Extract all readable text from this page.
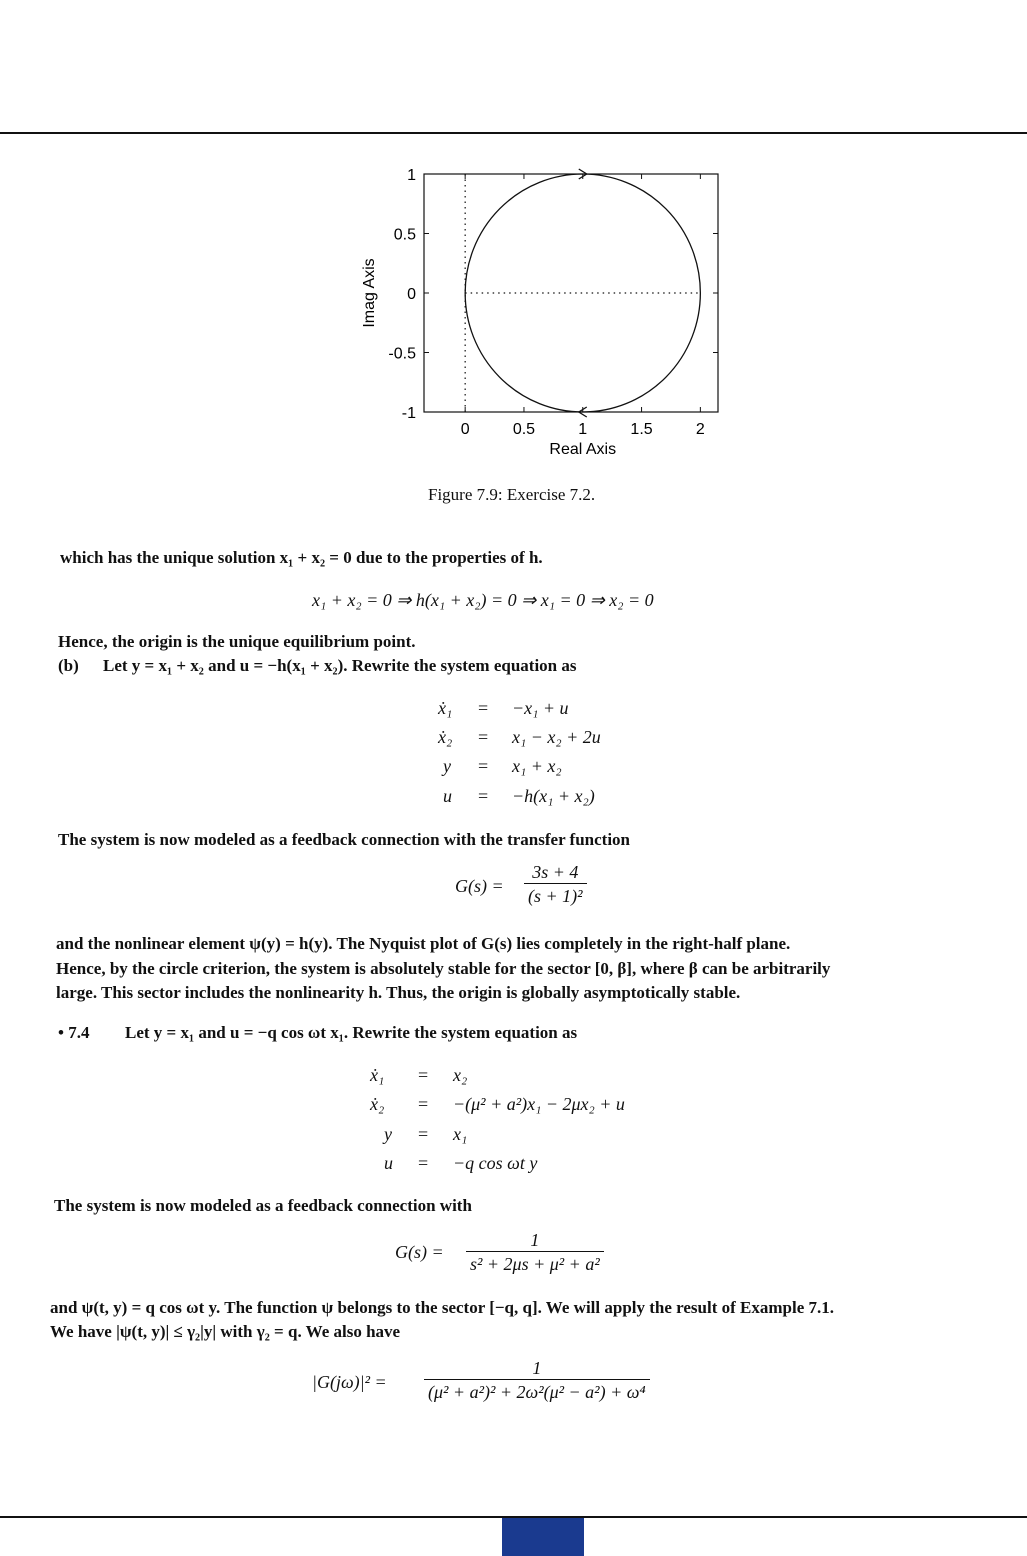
0	0.5	1	1.5	2
1
0.5
0
-0.5
-1
Real Axis
Imag Axis
Figure 7.9: Exercise 7.2.
which has the unique solution x₁ + x₂ = 0 due to the properties of h.
x₁ + x₂ = 0 ⇒ h(x₁ + x₂) = 0 ⇒ x₁ = 0 ⇒ x₂ = 0
Hence, the origin is the unique equilibrium point.
(b) Let y = x₁ + x₂ and u = −h(x₁ + x₂). Rewrite the system equation as
ẋ₁ = −x₁ + u
ẋ₂ = x₁ − x₂ + 2u
y = x₁ + x₂
u = −h(x₁ + x₂)
The system is now modeled as a feedback connection with the transfer function
$G(s) = \frac{3s + 4}{\text{(s + 1)²}}$
and the nonlinear element ψ(y) = h(y). The Nyquist plot of G(s) lies completely in the right-half plane.
Hence, by the circle criterion, the system is absolutely stable for the sector [0, β], where β can be arbitrarily
large. This sector includes the nonlinearity h. Thus, the origin is globally asymptotically stable.
• 7.4 Let y = x₁ and u = −q cos ωt x₁. Rewrite the system equation as
ẋ₁ = x₂
ẋ₂ = −(μ² + a²)x₁ − 2μx₂ + u
y = x₁
u = −q cos ωt y
The system is now modeled as a feedback connection with
$G(s) = \frac{1}{\text{s² + 2μs + μ² + a²}}$
and ψ(t, y) = q cos ωt y. The function ψ belongs to the sector [−q, q]. We will apply the result of Example 7.1.
We have |ψ(t, y)| ≤ γ₂|y| with γ₂ = q. We also have
$|G(j\omega)|^2 = \frac{1}{\text{(μ² + a²)² + 2ω²(μ² − a²) + ω⁴}}$
